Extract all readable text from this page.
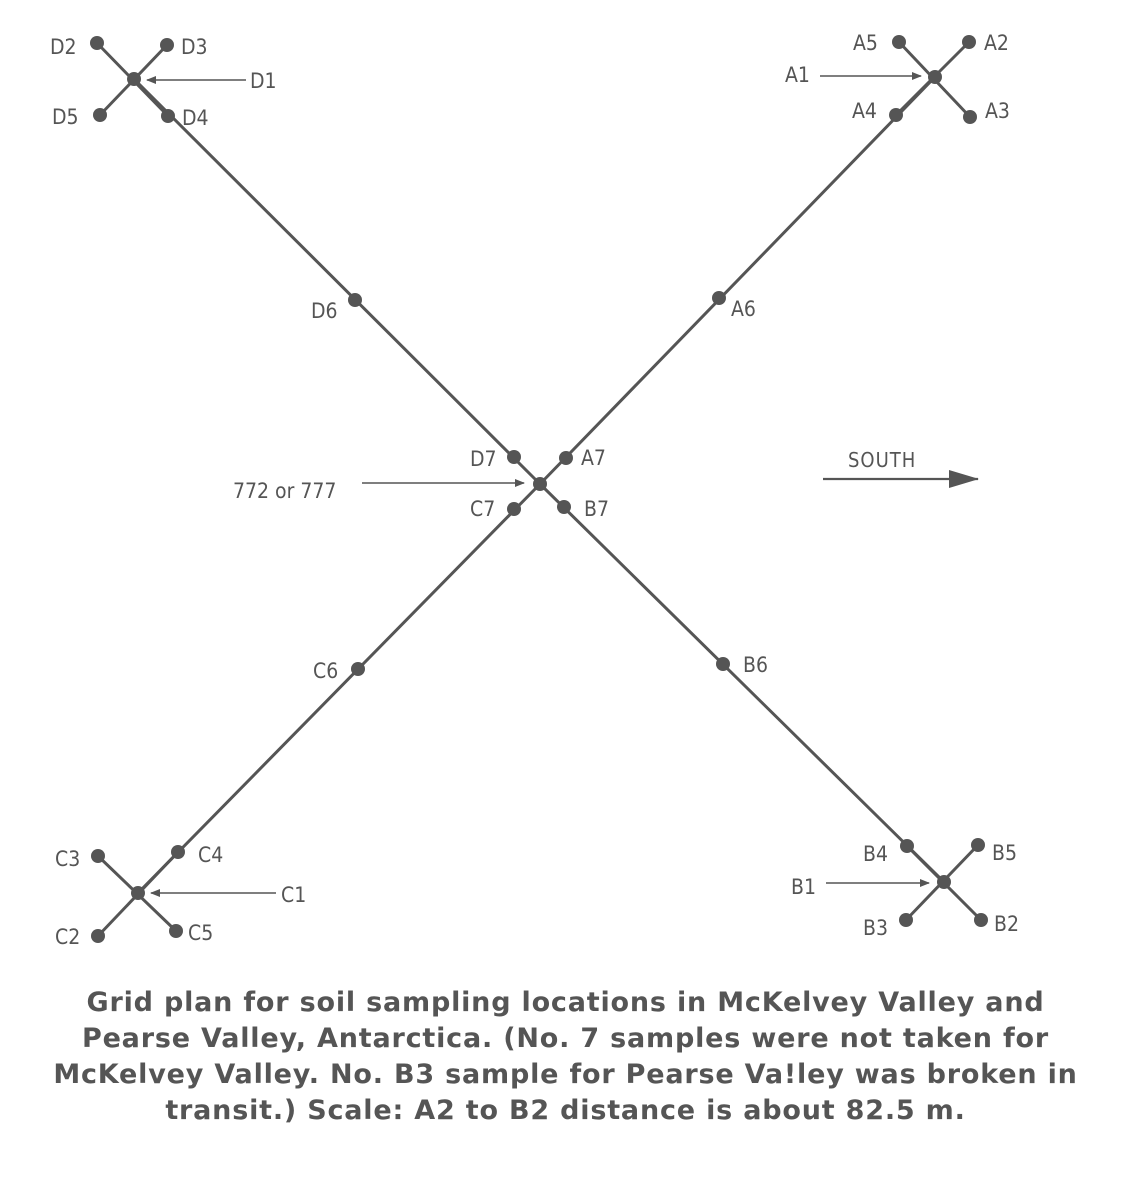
D1
D2	D3
D4
D5
D6
D7
A1
A2
A3
A4
A5
A6
A7
B1
B2
B3
B4	B5
B6
B7
C1
C2
C3	C4
C5
C6
C7
772 or 777
SOUTH
Grid plan for soil sampling locations in McKelvey Valley and
Pearse Valley, Antarctica. (No. 7 samples were not taken for
McKelvey Valley. No. B3 sample for Pearse Va!ley was broken in
transit.) Scale: A2 to B2 distance is about 82.5 m.
